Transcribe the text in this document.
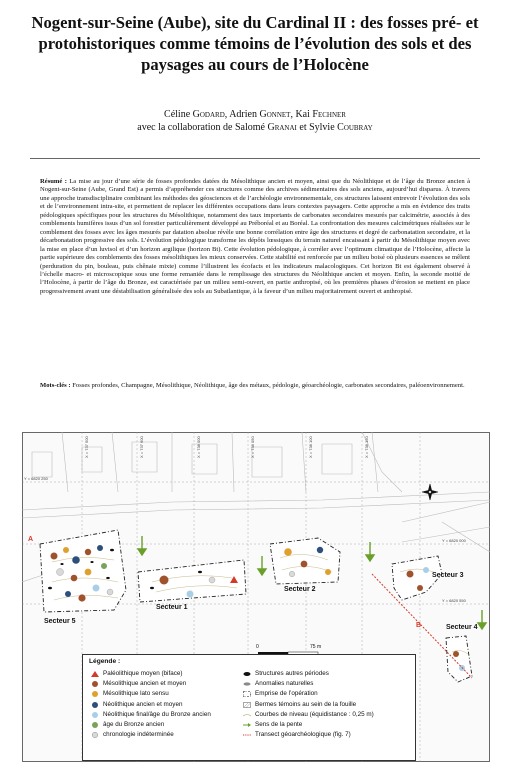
Nogent-sur-Seine (Aube), site du Cardinal II : des fosses pré- et protohistoriques comme témoins de l’évolution des sols et des paysages au cours de l’Holocène
Céline Godard, Adrien Gonnet, Kai Fechner
avec la collaboration de Salomé Granai et Sylvie Coubray
Résumé : La mise au jour d’une série de fosses profondes datées du Mésolithique ancien et moyen, ainsi que du Néolithique et de l’âge du Bronze ancien à Nogent-sur-Seine (Aube, Grand Est) a permis d’appréhender ces structures comme des archives sédimentaires des sols anciens, aujourd’hui disparus. À travers une approche transdisciplinaire combinant les méthodes des géosciences et de l’archéologie environnementale, ces structures laissent entrevoir l’évolution des sols et de l’environnement intra-site, et permettent de replacer les différentes occupations dans leurs contextes paysagers. Cette approche a mis en évidence des traits pédologiques spécifiques pour les structures du Mésolithique, notamment des taux importants de carbonates secondaires mesurés par calcimétrie, associés à des comblements humifères issus d’un sol forestier particulièrement développé au Préboréal et au Boréal. La confrontation des mesures calcimétriques réalisées sur le comblement des fosses avec les âges mesurés par datation absolue révèle une bonne corrélation entre âge des structures et degré de carbonatation secondaire, et la décarbonatation progressive des sols. L’évolution pédologique transforme les dépôts lœssiques du terrain naturel encaissant à partir du Mésolithique moyen avec la mise en place d’un luvisol et d’un horizon argilique (horizon Bt). Cette évolution pédologique, à corréler avec l’optimum climatique de l’Holocène, affecte la partie supérieure des comblements des fosses mésolithiques les mieux conservées. Cette stabilité est renforcée par un milieu boisé où plusieurs essences se mêlent (perduration du pin, bouleau, puis chênaie mixte) comme l’illustrent les écofacts et les indicateurs malacologiques. Cet horizon Bt est également observé à l’échelle macro- et microscopique sous une forme remaniée dans le remplissage des structures du Néolithique ancien et moyen. Enfin, la seconde moitié de l’Holocène, à partir de l’âge du Bronze, est caractérisée par un milieu semi-ouvert, en partie anthropisé, où les premières phases d’érosion se mettent en place progressivement avant une déstabilisation généralisée des sols au Subatlantique, à la faveur d’un milieu majoritairement ouvert et anthropisé.
Mots-clés : Fosses profondes, Champagne, Mésolithique, Néolithique, âge des métaux, pédologie, géoarchéologie, carbonates secondaires, paléoenvironnement.
0	75 m
Y = 6820 250
Y = 6820 000
Y = 6820 550
X = 737 500	X = 737 600	X = 738 000	X = 738 050	X = 738 100	X = 738 150
Secteur 5
Secteur 1
Secteur 2
Secteur 3
Secteur 4
A
B
Légende :
Paléolithique moyen (biface)
Mésolithique ancien et moyen
Mésolithique lato sensu
Néolithique ancien et moyen
Néolithique final/âge du Bronze ancien
âge du Bronze ancien
chronologie indéterminée
Structures autres périodes
Anomalies naturelles
Emprise de l’opération
Bermes témoins au sein de la fouille
Courbes de niveau (équidistance : 0,25 m)
Sens de la pente
Transect géoarchéologique (fig. 7)
